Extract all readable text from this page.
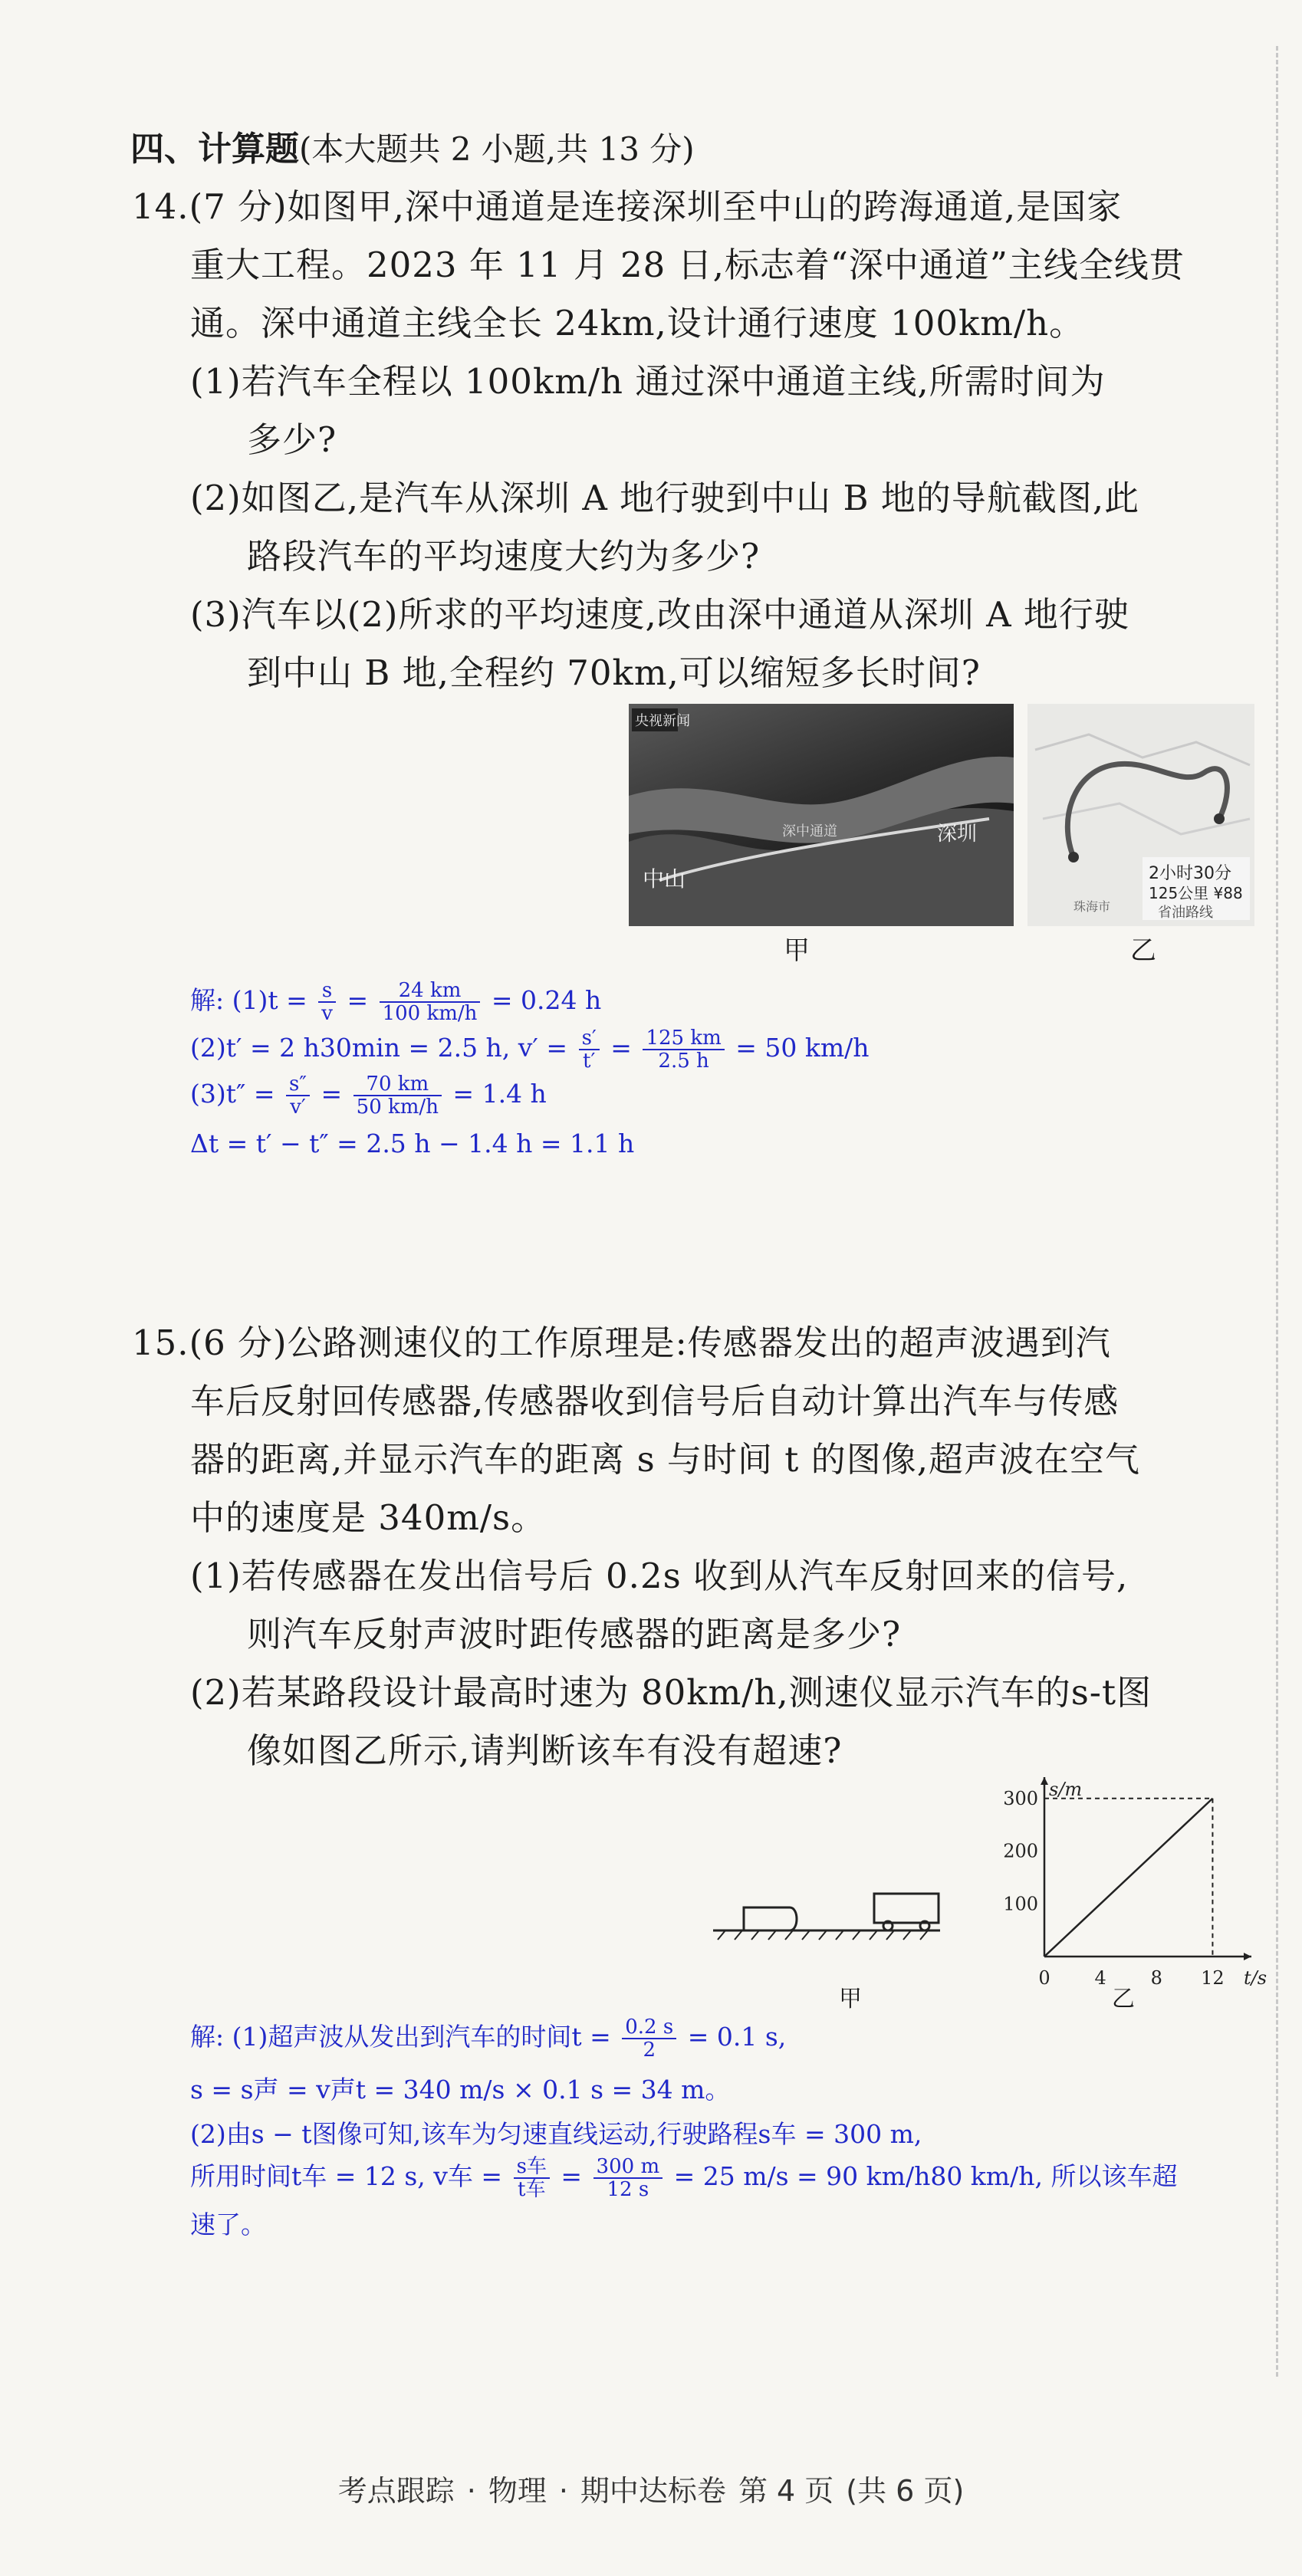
四、计算题(本大题共 2 小题,共 13 分)
14.(7 分)如图甲,深中通道是连接深圳至中山的跨海通道,是国家
重大工程。2023 年 11 月 28 日,标志着“深中通道”主线全线贯
通。深中通道主线全长 24km,设计通行速度 100km/h。
(1)若汽车全程以 100km/h 通过深中通道主线,所需时间为
多少?
(2)如图乙,是汽车从深圳 A 地行驶到中山 B 地的导航截图,此
路段汽车的平均速度大约为多少?
(3)汽车以(2)所求的平均速度,改由深中通道从深圳 A 地行驶
到中山 B 地,全程约 70km,可以缩短多长时间?
央视新闻
中山
深圳
深中通道
甲
2小时30分
125公里 ¥88
省油路线
珠海市
乙
解: $(1)t = \frac{s}{v} = \frac{24 km}{100 km/h} = 0.24$ h
(2)t′ = 2 h30min = 2.5 h, $v' = \frac{s'}{t'} = \frac{125 km}{2.5 h} = 50$ km/h
$(3)t'' = \frac{s''}{v'} = \frac{70 km}{50 km/h} = 1.4$ h
Δt = t′ − t″ = 2.5 h − 1.4 h = 1.1 h
15.(6 分)公路测速仪的工作原理是:传感器发出的超声波遇到汽
车后反射回传感器,传感器收到信号后自动计算出汽车与传感
器的距离,并显示汽车的距离 s 与时间 t 的图像,超声波在空气
中的速度是 340m/s。
(1)若传感器在发出信号后 0.2s 收到从汽车反射回来的信号,
则汽车反射声波时距传感器的距离是多少?
(2)若某路段设计最高时速为 80km/h,测速仪显示汽车的s-t图
像如图乙所示,请判断该车有没有超速?
甲
s/m
t/s
0 4 8 12
100
200
300
乙
解: (1)超声波从发出到汽车的时间$t = \frac{0.2 s}{2} = 0.1$ s,
s = s声 = v声t = 340 m/s × 0.1 s = 34 m。
(2)由s − t图像可知,该车为匀速直线运动,行驶路程s车 = 300 m,
所用时间t车 = 12 s, v车 = $\frac{\text{s车}}{\text{t车}} = \frac{300 m}{12 s} = 25$ m/s = 90 km/h80 km/h, 所以该车超
速了。
考点跟踪 · 物理 · 期中达标卷 第 4 页 (共 6 页)
